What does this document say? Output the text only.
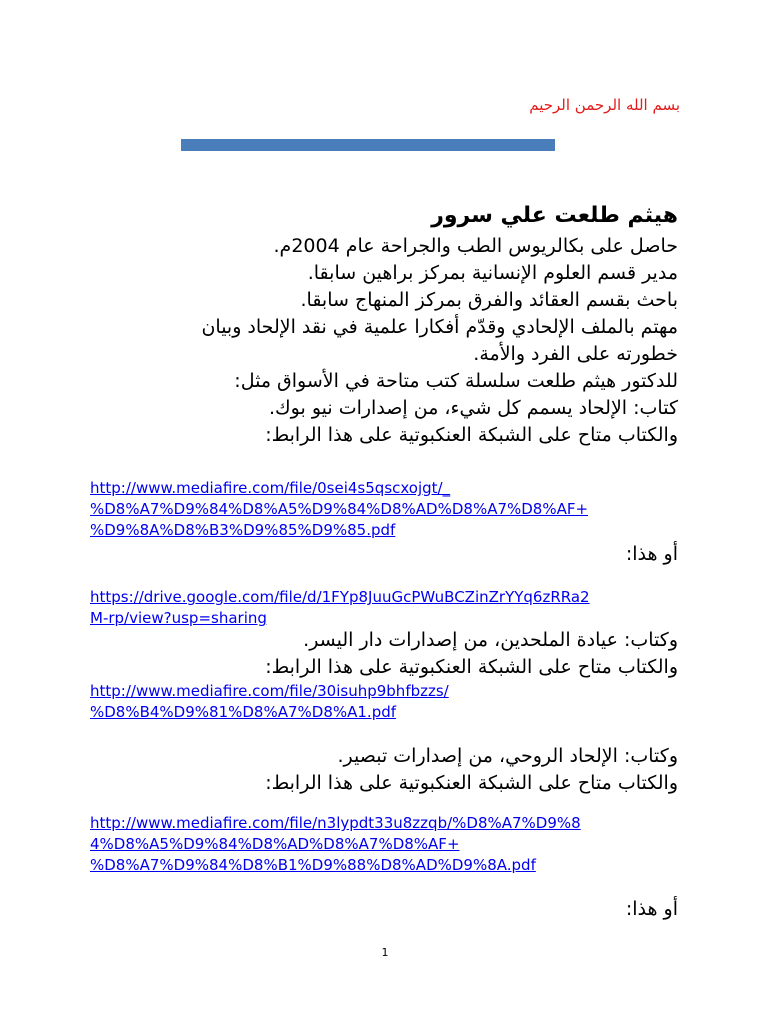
بسم الله الرحمن الرحيم
هيثم طلعت علي سرور
حاصل على بكالريوس الطب والجراحة عام 2004م.
مدير قسم العلوم الإنسانية بمركز براهين سابقا.
باحث بقسم العقائد والفرق بمركز المنهاج سابقا.
مهتم بالملف الإلحادي وقدّم أفكارا علمية في نقد الإلحاد وبيان
خطورته على الفرد والأمة.
للدكتور هيثم طلعت سلسلة كتب متاحة في الأسواق مثل:
كتاب: الإلحاد يسمم كل شيء، من إصدارات نيو بوك.
والكتاب متاح على الشبكة العنكبوتية على هذا الرابط:
http://www.mediafire.com/file/0sei4s5qscxojgt/_
%D8%A7%D9%84%D8%A5%D9%84%D8%AD%D8%A7%D8%AF+
%D9%8A%D8%B3%D9%85%D9%85.pdf
أو هذا:
https://drive.google.com/file/d/1FYp8JuuGcPWuBCZinZrYYq6zRRa2
M-rp/view?usp=sharing
وكتاب: عيادة الملحدين، من إصدارات دار اليسر.
والكتاب متاح على الشبكة العنكبوتية على هذا الرابط:
http://www.mediafire.com/file/30isuhp9bhfbzzs/
%D8%B4%D9%81%D8%A7%D8%A1.pdf
وكتاب: الإلحاد الروحي، من إصدارات تبصير.
والكتاب متاح على الشبكة العنكبوتية على هذا الرابط:
http://www.mediafire.com/file/n3lypdt33u8zzqb/%D8%A7%D9%8
4%D8%A5%D9%84%D8%AD%D8%A7%D8%AF+
%D8%A7%D9%84%D8%B1%D9%88%D8%AD%D9%8A.pdf
أو هذا:
1
